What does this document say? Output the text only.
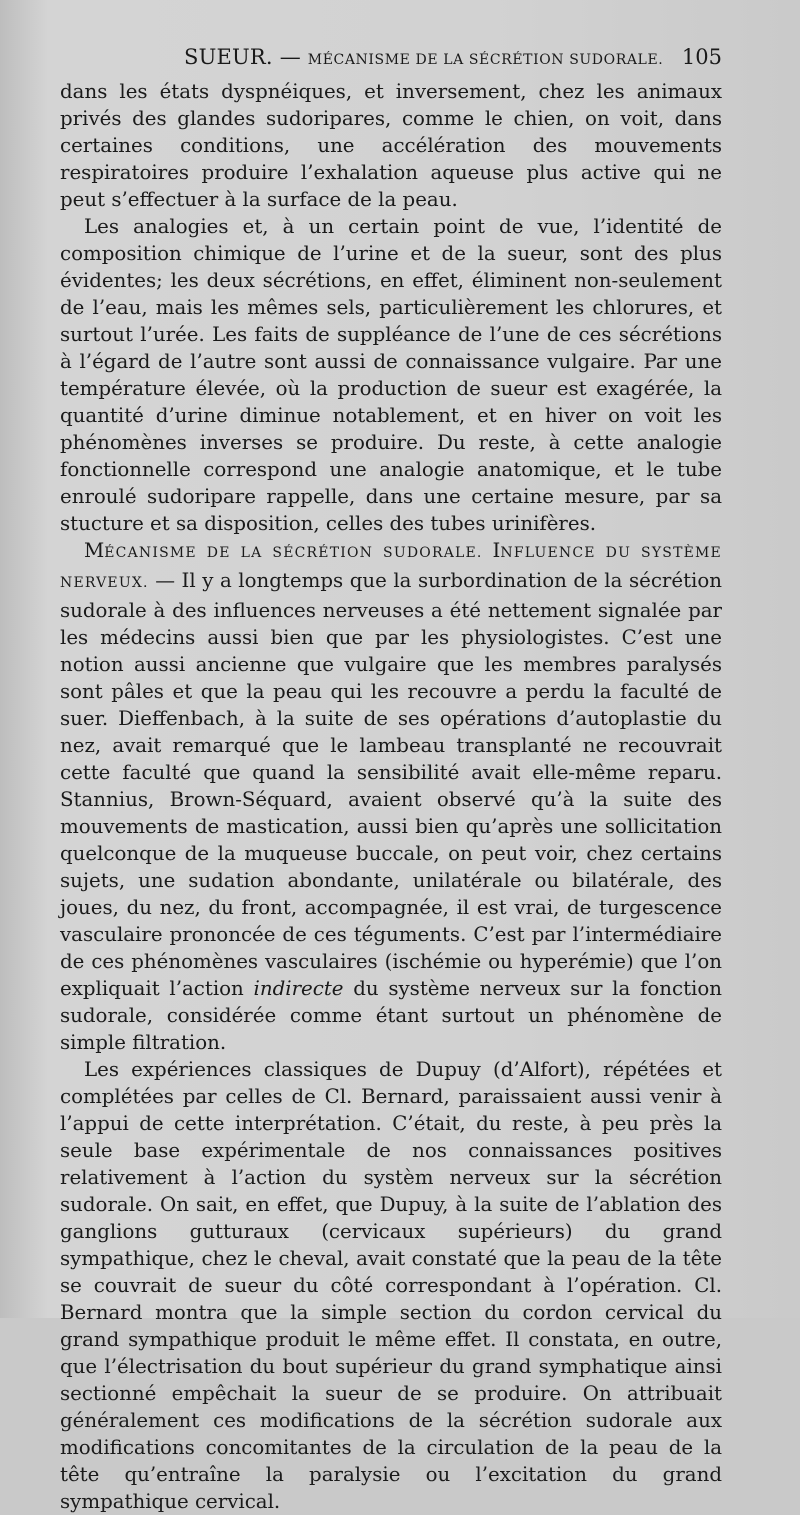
SUEUR. — MÉCANISME DE LA SÉCRÉTION SUDORALE. 105

dans les états dyspnéiques, et inversement, chez les animaux privés des glandes sudoripares, comme le chien, on voit, dans certaines conditions, une accélération des mouvements respiratoires produire l’exhalation aqueuse plus active qui ne peut s’effectuer à la surface de la peau.

Les analogies et, à un certain point de vue, l’identité de composition chimique de l’urine et de la sueur, sont des plus évidentes; les deux sécrétions, en effet, éliminent non-seulement de l’eau, mais les mêmes sels, particulièrement les chlorures, et surtout l’urée. Les faits de suppléance de l’une de ces sécrétions à l’égard de l’autre sont aussi de connaissance vulgaire. Par une température élevée, où la production de sueur est exagérée, la quantité d’urine diminue notablement, et en hiver on voit les phénomènes inverses se produire. Du reste, à cette analogie fonctionnelle correspond une analogie anatomique, et le tube enroulé sudoripare rappelle, dans une certaine mesure, par sa stucture et sa disposition, celles des tubes urinifères.

MÉCANISME DE LA SÉCRÉTION SUDORALE. INFLUENCE DU SYSTÈME NERVEUX. — Il y a longtemps que la surbordination de la sécrétion sudorale à des influences nerveuses a été nettement signalée par les médecins aussi bien que par les physiologistes. C’est une notion aussi ancienne que vulgaire que les membres paralysés sont pâles et que la peau qui les recouvre a perdu la faculté de suer. Dieffenbach, à la suite de ses opérations d’autoplastie du nez, avait remarqué que le lambeau transplanté ne recouvrait cette faculté que quand la sensibilité avait elle-même reparu. Stannius, Brown-Séquard, avaient observé qu’à la suite des mouvements de mastication, aussi bien qu’après une sollicitation quelconque de la muqueuse buccale, on peut voir, chez certains sujets, une sudation abondante, unilatérale ou bilatérale, des joues, du nez, du front, accompagnée, il est vrai, de turgescence vasculaire prononcée de ces téguments. C’est par l’intermédiaire de ces phénomènes vasculaires (ischémie ou hyperémie) que l’on expliquait l’action indirecte du système nerveux sur la fonction sudorale, considérée comme étant surtout un phénomène de simple filtration.

Les expériences classiques de Dupuy (d’Alfort), répétées et complétées par celles de Cl. Bernard, paraissaient aussi venir à l’appui de cette interprétation. C’était, du reste, à peu près la seule base expérimentale de nos connaissances positives relativement à l’action du systèm nerveux sur la sécrétion sudorale. On sait, en effet, que Dupuy, à la suite de l’ablation des ganglions gutturaux (cervicaux supérieurs) du grand sympathique, chez le cheval, avait constaté que la peau de la tête se couvrait de sueur du côté correspondant à l’opération. Cl. Bernard montra que la simple section du cordon cervical du grand sympathique produit le même effet. Il constata, en outre, que l’électrisation du bout supérieur du grand symphatique ainsi sectionné empêchait la sueur de se produire. On attribuait généralement ces modifications de la sécrétion sudorale aux modifications concomitantes de la circulation de la peau de la tête qu’entraîne la paralysie ou l’excitation du grand sympathique cervical.
